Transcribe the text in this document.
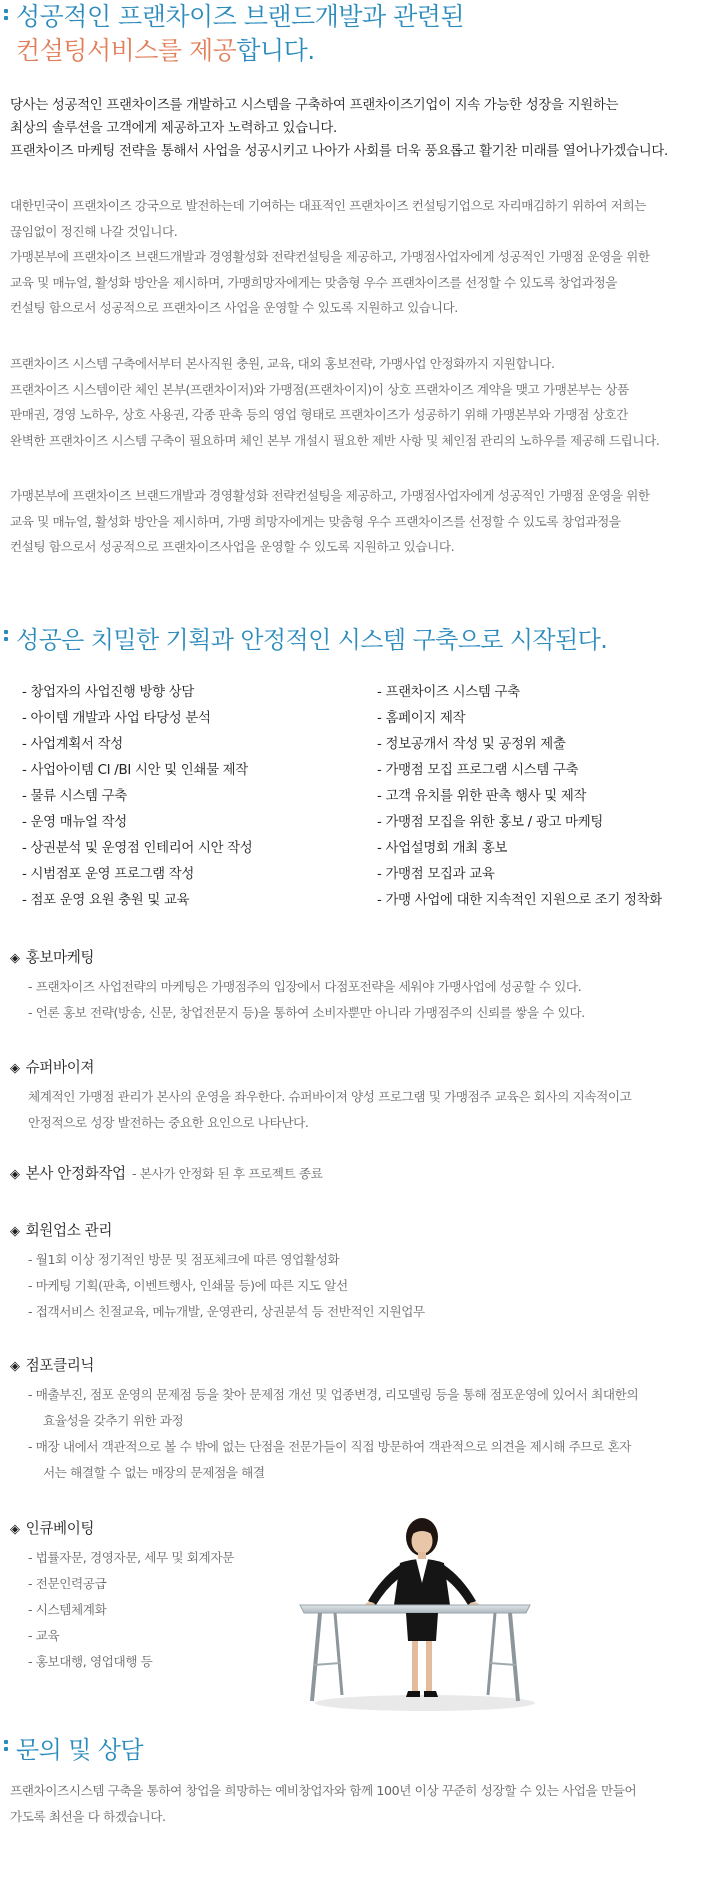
성공적인 프랜차이즈 브랜드개발과 관련된
컨설팅서비스를 제공합니다.

당사는 성공적인 프랜차이즈를 개발하고 시스템을 구축하여 프랜차이즈기업이 지속 가능한 성장을 지원하는

최상의 솔루션을 고객에게 제공하고자 노력하고 있습니다.

프랜차이즈 마케팅 전략을 통해서 사업을 성공시키고 나아가 사회를 더욱 풍요롭고 활기찬 미래를 열어나가겠습니다.

대한민국이 프랜차이즈 강국으로 발전하는데 기여하는 대표적인 프랜차이즈 컨설팅기업으로 자리매김하기 위하여 저희는

끊임없이 정진해 나갈 것입니다.

가맹본부에 프랜차이즈 브랜드개발과 경영활성화 전략컨설팅을 제공하고, 가맹점사업자에게 성공적인 가맹점 운영을 위한

교육 및 매뉴얼, 활성화 방안을 제시하며, 가맹희망자에게는 맞춤형 우수 프랜차이즈를 선정할 수 있도록 창업과정을

컨설팅 함으로서 성공적으로 프랜차이즈 사업을 운영할 수 있도록 지원하고 있습니다.

프랜차이즈 시스템 구축에서부터 본사직원 충원, 교육, 대외 홍보전략, 가맹사업 안정화까지 지원합니다.

프랜차이즈 시스템이란 체인 본부(프랜차이저)와 가맹점(프랜차이지)이 상호 프랜차이즈 계약을 맺고 가맹본부는 상품

판매권, 경영 노하우, 상호 사용권, 각종 판촉 등의 영업 형태로 프랜차이즈가 성공하기 위해 가맹본부와 가맹점 상호간

완벽한 프랜차이즈 시스템 구축이 필요하며 체인 본부 개설시 필요한 제반 사항 및 체인점 관리의 노하우를 제공해 드립니다.

가맹본부에 프랜차이즈 브랜드개발과 경영활성화 전략컨설팅을 제공하고, 가맹점사업자에게 성공적인 가맹점 운영을 위한

교육 및 매뉴얼, 활성화 방안을 제시하며, 가맹 희망자에게는 맞춤형 우수 프랜차이즈를 선정할 수 있도록 창업과정을

컨설팅 함으로서 성공적으로 프랜차이즈사업을 운영할 수 있도록 지원하고 있습니다.

성공은 치밀한 기획과 안정적인 시스템 구축으로 시작된다.
- 창업자의 사업진행 방향 상담
- 아이템 개발과 사업 타당성 분석
- 사업계획서 작성
- 사업아이템 CI /BI 시안 및 인쇄물 제작
- 물류 시스템 구축
- 운영 매뉴얼 작성
- 상권분석 및 운영점 인테리어 시안 작성
- 시범점포 운영 프로그램 작성
- 점포 운영 요원 충원 및 교육
- 프랜차이즈 시스템 구축
- 홈페이지 제작
- 정보공개서 작성 및 공정위 제출
- 가맹점 모집 프로그램 시스템 구축
- 고객 유치를 위한 판촉 행사 및 제작
- 가맹점 모집을 위한 홍보 / 광고 마케팅
- 사업설명회 개최 홍보
- 가맹점 모집과 교육
- 가맹 사업에 대한 지속적인 지원으로 조기 정착화
◈ 홍보마케팅
- 프랜차이즈 사업전략의 마케팅은 가맹점주의 입장에서 다점포전략을 세워야 가맹사업에 성공할 수 있다.
- 언론 홍보 전략(방송, 신문, 창업전문지 등)을 통하여 소비자뿐만 아니라 가맹점주의 신뢰를 쌓을 수 있다.
◈ 슈퍼바이져
체계적인 가맹점 관리가 본사의 운영을 좌우한다. 슈퍼바이져 양성 프로그램 및 가맹점주 교육은 회사의 지속적이고
안정적으로 성장 발전하는 중요한 요인으로 나타난다.
◈ 본사 안정화작업 - 본사가 안정화 된 후 프로젝트 종료
◈ 회원업소 관리
- 월1회 이상 정기적인 방문 및 점포체크에 따른 영업활성화
- 마케팅 기획(판촉, 이벤트행사, 인쇄물 등)에 따른 지도 알선
- 접객서비스 친절교육, 메뉴개발, 운영관리, 상권분석 등 전반적인 지원업무
◈ 점포클리닉
- 매출부진, 점포 운영의 문제점 등을 찾아 문제점 개선 및 업종변경, 리모델링 등을 통해 점포운영에 있어서 최대한의
효율성을 갖추기 위한 과정
- 매장 내에서 객관적으로 볼 수 밖에 없는 단점을 전문가들이 직접 방문하여 객관적으로 의견을 제시해 주므로 혼자
서는 해결할 수 없는 매장의 문제점을 해결
◈ 인큐베이팅
- 법률자문, 경영자문, 세무 및 회계자문
- 전문인력공급
- 시스템체계화
- 교육
- 홍보대행, 영업대행 등
문의 및 상담

프랜차이즈시스템 구축을 통하여 창업을 희망하는 예비창업자와 함께 100년 이상 꾸준히 성장할 수 있는 사업을 만들어

가도록 최선을 다 하겠습니다.
